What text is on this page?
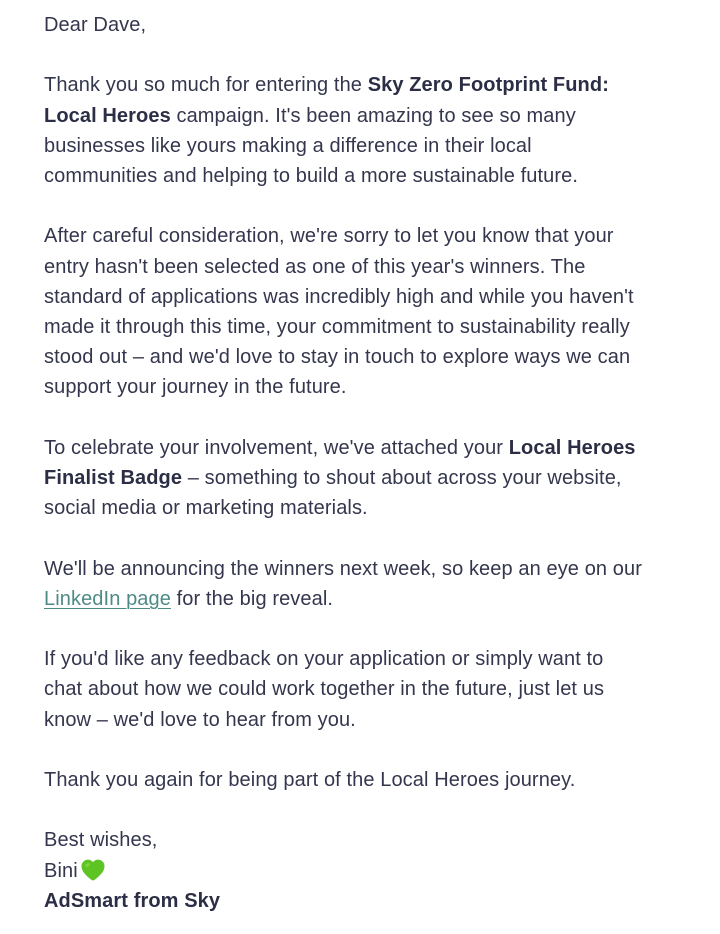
Dear Dave,
Thank you so much for entering the Sky Zero Footprint Fund:
Local Heroes campaign. It's been amazing to see so many
businesses like yours making a difference in their local
communities and helping to build a more sustainable future.
After careful consideration, we're sorry to let you know that your
entry hasn't been selected as one of this year's winners. The
standard of applications was incredibly high and while you haven't
made it through this time, your commitment to sustainability really
stood out – and we'd love to stay in touch to explore ways we can
support your journey in the future.
To celebrate your involvement, we've attached your Local Heroes
Finalist Badge – something to shout about across your website,
social media or marketing materials.
We'll be announcing the winners next week, so keep an eye on our
LinkedIn page for the big reveal.
If you'd like any feedback on your application or simply want to
chat about how we could work together in the future, just let us
know – we'd love to hear from you.
Thank you again for being part of the Local Heroes journey.
Best wishes,
Bini
AdSmart from Sky
